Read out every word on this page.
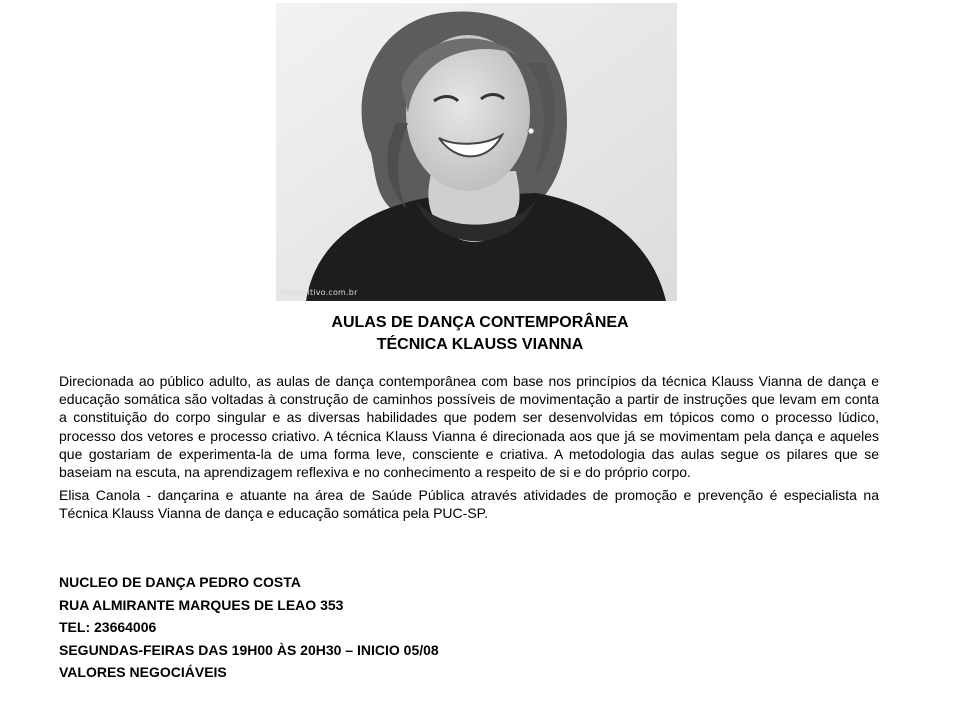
diapositivo.com.br
AULAS DE DANÇA CONTEMPORÂNEA
TÉCNICA KLAUSS VIANNA

Direcionada ao público adulto, as aulas de dança contemporânea com base nos princípios da técnica Klauss Vianna de dança e educação somática são voltadas à construção de caminhos possíveis de movimentação a partir de instruções que levam em conta a constituição do corpo singular e as diversas habilidades que podem ser desenvolvidas em tópicos como o processo lúdico, processo dos vetores e processo criativo. A técnica Klauss Vianna é direcionada aos que já se movimentam pela dança e aqueles que gostariam de experimenta-la de uma forma leve, consciente e criativa. A metodologia das aulas segue os pilares que se baseiam na escuta, na aprendizagem reflexiva e no conhecimento a respeito de si e do próprio corpo.

Elisa Canola - dançarina e atuante na área de Saúde Pública através atividades de promoção e prevenção é especialista na Técnica Klauss Vianna de dança e educação somática pela PUC-SP.

NUCLEO DE DANÇA PEDRO COSTA
RUA ALMIRANTE MARQUES DE LEAO 353
TEL: 23664006
SEGUNDAS-FEIRAS DAS 19H00 ÀS 20H30 – INICIO 05/08
VALORES NEGOCIÁVEIS
